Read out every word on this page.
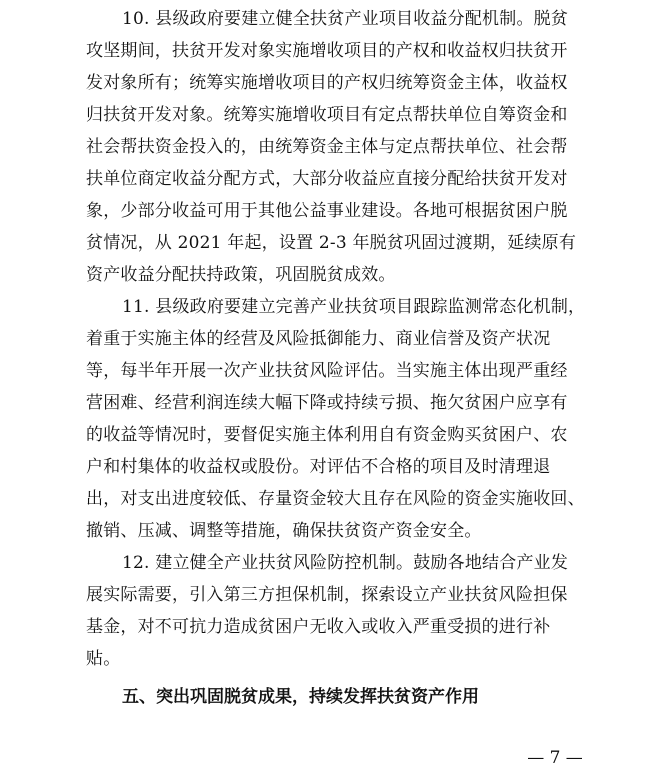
10. 县级政府要建立健全扶贫产业项目收益分配机制。脱贫
攻坚期间，扶贫开发对象实施增收项目的产权和收益权归扶贫开
发对象所有；统筹实施增收项目的产权归统筹资金主体，收益权
归扶贫开发对象。统筹实施增收项目有定点帮扶单位自筹资金和
社会帮扶资金投入的，由统筹资金主体与定点帮扶单位、社会帮
扶单位商定收益分配方式，大部分收益应直接分配给扶贫开发对
象，少部分收益可用于其他公益事业建设。各地可根据贫困户脱
贫情况，从 2021 年起，设置 2-3 年脱贫巩固过渡期，延续原有
资产收益分配扶持政策，巩固脱贫成效。
11. 县级政府要建立完善产业扶贫项目跟踪监测常态化机制，
着重于实施主体的经营及风险抵御能力、商业信誉及资产状况
等，每半年开展一次产业扶贫风险评估。当实施主体出现严重经
营困难、经营利润连续大幅下降或持续亏损、拖欠贫困户应享有
的收益等情况时，要督促实施主体利用自有资金购买贫困户、农
户和村集体的收益权或股份。对评估不合格的项目及时清理退
出，对支出进度较低、存量资金较大且存在风险的资金实施收回、
撤销、压减、调整等措施，确保扶贫资产资金安全。
12. 建立健全产业扶贫风险防控机制。鼓励各地结合产业发
展实际需要，引入第三方担保机制，探索设立产业扶贫风险担保
基金，对不可抗力造成贫困户无收入或收入严重受损的进行补
贴。
五、突出巩固脱贫成果，持续发挥扶贫资产作用
— 7 —
